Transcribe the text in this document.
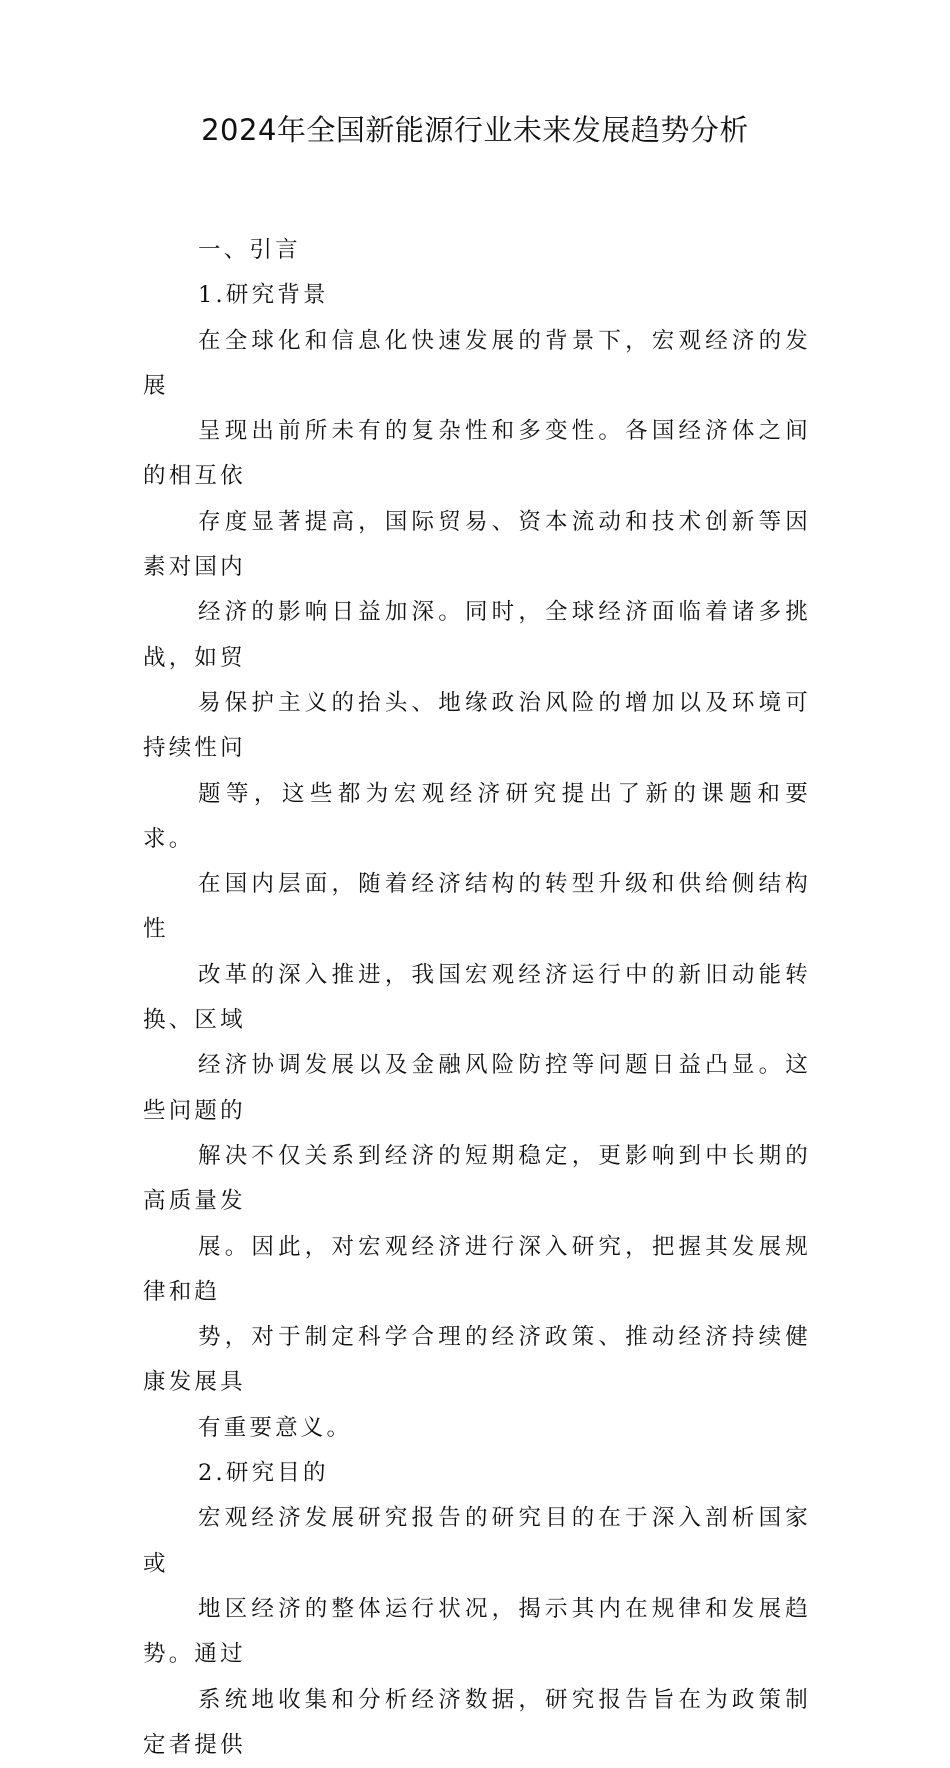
2024年全国新能源行业未来发展趋势分析

一、引言

1.研究背景

在全球化和信息化快速发展的背景下，宏观经济的发展
呈现出前所未有的复杂性和多变性。各国经济体之间的相互依
存度显著提高，国际贸易、资本流动和技术创新等因素对国内
经济的影响日益加深。同时，全球经济面临着诸多挑战，如贸
易保护主义的抬头、地缘政治风险的增加以及环境可持续性问
题等，这些都为宏观经济研究提出了新的课题和要求。

在国内层面，随着经济结构的转型升级和供给侧结构性
改革的深入推进，我国宏观经济运行中的新旧动能转换、区域
经济协调发展以及金融风险防控等问题日益凸显。这些问题的
解决不仅关系到经济的短期稳定，更影响到中长期的高质量发
展。因此，对宏观经济进行深入研究，把握其发展规律和趋
势，对于制定科学合理的经济政策、推动经济持续健康发展具
有重要意义。

2.研究目的

宏观经济发展研究报告的研究目的在于深入剖析国家或
地区经济的整体运行状况，揭示其内在规律和发展趋势。通过
系统地收集和分析经济数据，研究报告旨在为政策制定者提供
